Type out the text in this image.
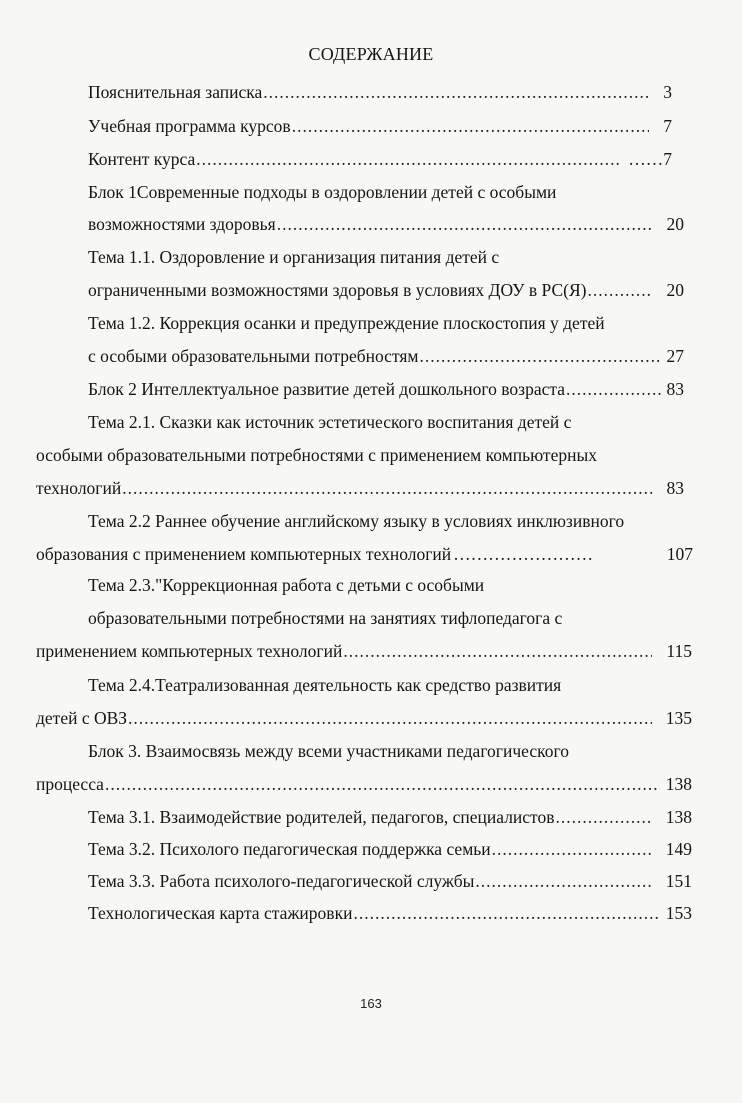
СОДЕРЖАНИЕ
Пояснительная записка .....	3
Учебная программа курсов .....	7
Контент курса .....	……7
Блок 1Современные подходы в оздоровлении детей с особыми
возможностями здоровья .....	20
Тема 1.1. Оздоровление и организация питания детей с
ограниченными возможностями здоровья в условиях ДОУ в РС(Я) .....	20
Тема 1.2. Коррекция осанки и предупреждение плоскостопия у детей
с особыми образовательными потребностям .....	27
Блок 2 Интеллектуальное развитие детей дошкольного возраста .....	83
Тема 2.1. Сказки как источник эстетического воспитания детей с
особыми образовательными потребностями с применением компьютерных
технологий .....	83
Тема 2.2 Раннее обучение английскому языку в условиях инклюзивного
образования с применением компьютерных технологий ……………………	107
Тема 2.3."Коррекционная работа с детьми с особыми
образовательными потребностями на занятиях тифлопедагога с
применением компьютерных технологий .....	115
Тема 2.4.Театрализованная деятельность как средство развития
детей с ОВЗ .....	135
Блок 3. Взаимосвязь между всеми участниками педагогического
процесса .....	138
Тема 3.1. Взаимодействие родителей, педагогов, специалистов .....	138
Тема 3.2. Психолого педагогическая поддержка семьи .....	149
Тема 3.3. Работа психолого-педагогической службы .....	151
Технологическая карта стажировки .....	153
163
